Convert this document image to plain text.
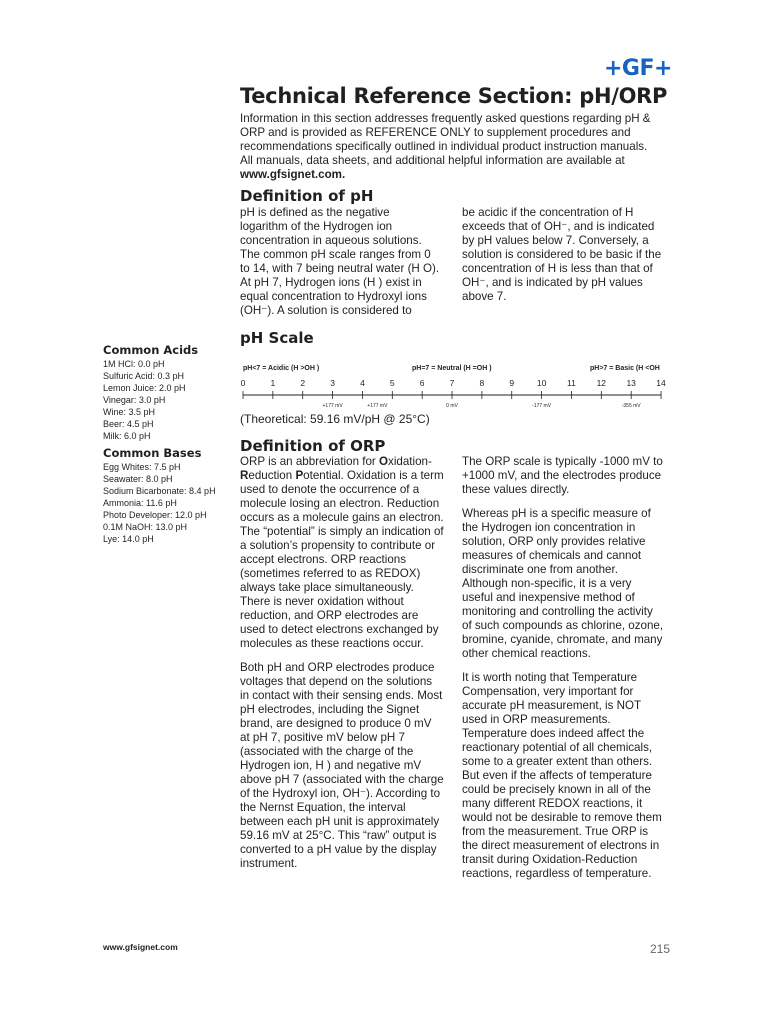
+GF+
Technical Reference Section: pH/ORP

Information in this section addresses frequently asked questions regarding pH & ORP and is provided as REFERENCE ONLY to supplement procedures and recommendations specifically outlined in individual product instruction manuals. All manuals, data sheets, and additional helpful information are available at www.gfsignet.com.

Definition of pH

pH is defined as the negative logarithm of the Hydrogen ion concentration in aqueous solutions. The common pH scale ranges from 0 to 14, with 7 being neutral water (H O). At pH 7, Hydrogen ions (H ) exist in equal concentration to Hydroxyl ions (OH⁻). A solution is considered to

be acidic if the concentration of H exceeds that of OH⁻, and is indicated by pH values below 7. Conversely, a solution is considered to be basic if the concentration of H is less than that of OH⁻, and is indicated by pH values above 7.

pH Scale
pH<7 = Acidic (H >OH )	pH=7 = Neutral (H =OH )	pH>7 = Basic (H <OH
0	1	2	3	4	5	6	7	8	9	10 11 12 13 14
+177 mV	+177 mV	0 mV	-177 mV	-355 mV
(Theoretical: 59.16 mV/pH @ 25°C)
Common Acids
1M HCl: 0.0 pH
Sulfuric Acid: 0.3 pH
Lemon Juice: 2.0 pH
Vinegar: 3.0 pH
Wine: 3.5 pH
Beer: 4.5 pH
Milk: 6.0 pH
Common Bases
Egg Whites: 7.5 pH
Seawater: 8.0 pH
Sodium Bicarbonate: 8.4 pH
Ammonia: 11.6 pH
Photo Developer: 12.0 pH
0.1M NaOH: 13.0 pH
Lye: 14.0 pH
Definition of ORP

ORP is an abbreviation for Oxidation-Reduction Potential. Oxidation is a term used to denote the occurrence of a molecule losing an electron. Reduction occurs as a molecule gains an electron. The “potential” is simply an indication of a solution’s propensity to contribute or accept electrons. ORP reactions (sometimes referred to as REDOX) always take place simultaneously. There is never oxidation without reduction, and ORP electrodes are used to detect electrons exchanged by molecules as these reactions occur.

Both pH and ORP electrodes produce voltages that depend on the solutions in contact with their sensing ends. Most pH electrodes, including the Signet brand, are designed to produce 0 mV at pH 7, positive mV below pH 7 (associated with the charge of the Hydrogen ion, H ) and negative mV above pH 7 (associated with the charge of the Hydroxyl ion, OH⁻). According to the Nernst Equation, the interval between each pH unit is approximately 59.16 mV at 25°C. This “raw” output is converted to a pH value by the display instrument.

The ORP scale is typically -1000 mV to +1000 mV, and the electrodes produce these values directly.

Whereas pH is a specific measure of the Hydrogen ion concentration in solution, ORP only provides relative measures of chemicals and cannot discriminate one from another. Although non-specific, it is a very useful and inexpensive method of monitoring and controlling the activity of such compounds as chlorine, ozone, bromine, cyanide, chromate, and many other chemical reactions.

It is worth noting that Temperature Compensation, very important for accurate pH measurement, is NOT used in ORP measurements. Temperature does indeed affect the reactionary potential of all chemicals, some to a greater extent than others. But even if the affects of temperature could be precisely known in all of the many different REDOX reactions, it would not be desirable to remove them from the measurement. True ORP is the direct measurement of electrons in transit during Oxidation-Reduction reactions, regardless of temperature.

www.gfsignet.com	215
